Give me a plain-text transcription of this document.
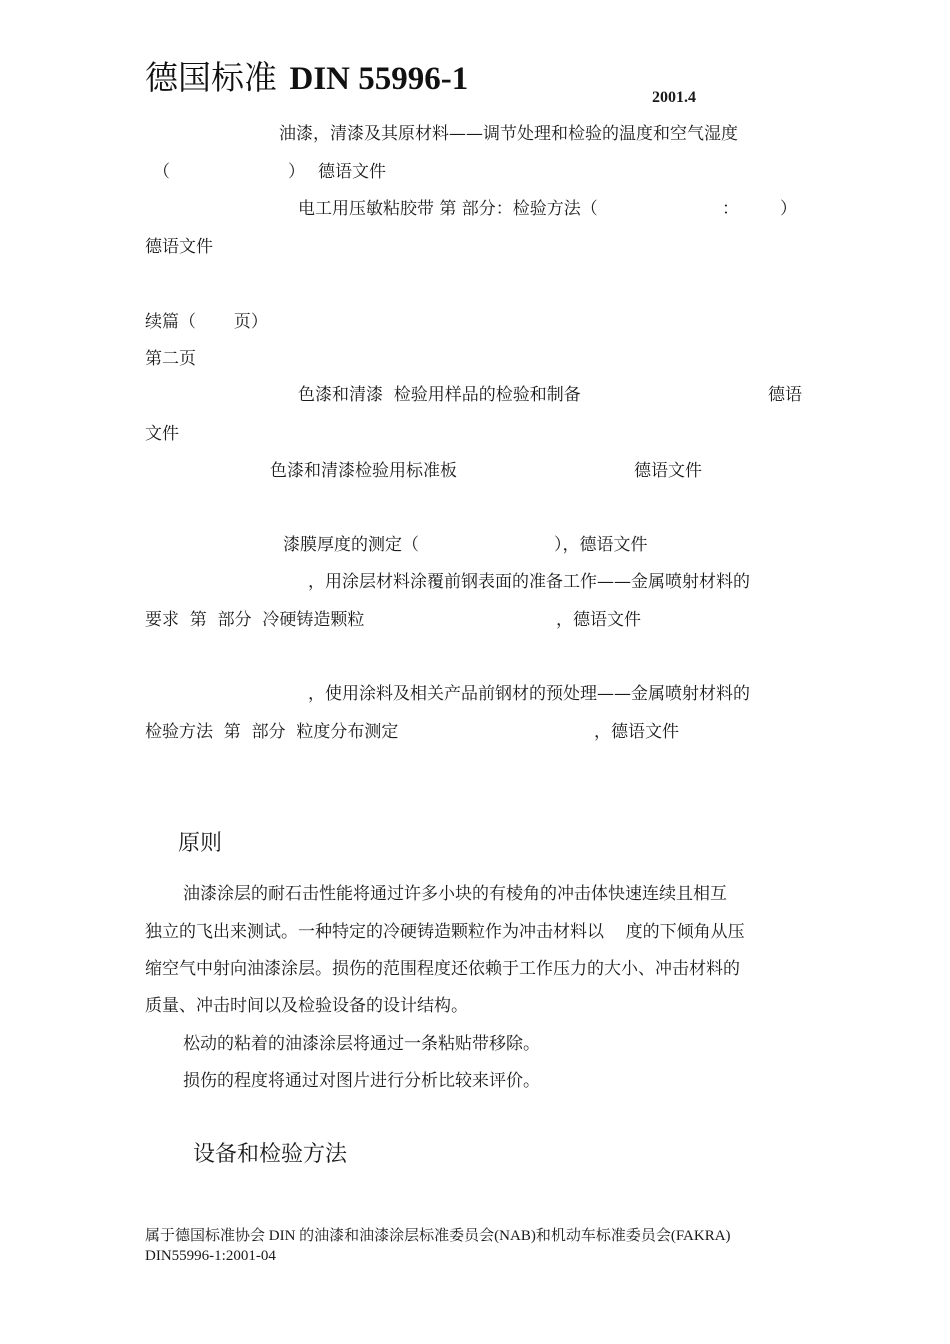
德国标准 DIN 55996-1
2001.4
油漆，清漆及其原材料——调节处理和检验的温度和空气湿度
（	） 德语文件
电工用压敏粘胶带 第 部分：检验方法（	： ）
德语文件
续篇（       页）
第二页
色漆和清漆  检验用样品的检验和制备	德语
文件
色漆和清漆检验用标准板	德语文件
漆膜厚度的测定（	），德语文件
，用涂层材料涂覆前钢表面的准备工作——金属喷射材料的
要求  第  部分  冷硬铸造颗粒	，德语文件
，使用涂料及相关产品前钢材的预处理——金属喷射材料的
检验方法  第  部分  粒度分布测定	，德语文件
原则
油漆涂层的耐石击性能将通过许多小块的有棱角的冲击体快速连续且相互
独立的飞出来测试。一种特定的冷硬铸造颗粒作为冲击材料以    度的下倾角从压
缩空气中射向油漆涂层。损伤的范围程度还依赖于工作压力的大小、冲击材料的
质量、冲击时间以及检验设备的设计结构。
松动的粘着的油漆涂层将通过一条粘贴带移除。
损伤的程度将通过对图片进行分析比较来评价。
设备和检验方法
属于德国标准协会 DIN 的油漆和油漆涂层标准委员会(NAB)和机动车标准委员会(FAKRA)
DIN55996-1:2001-04
